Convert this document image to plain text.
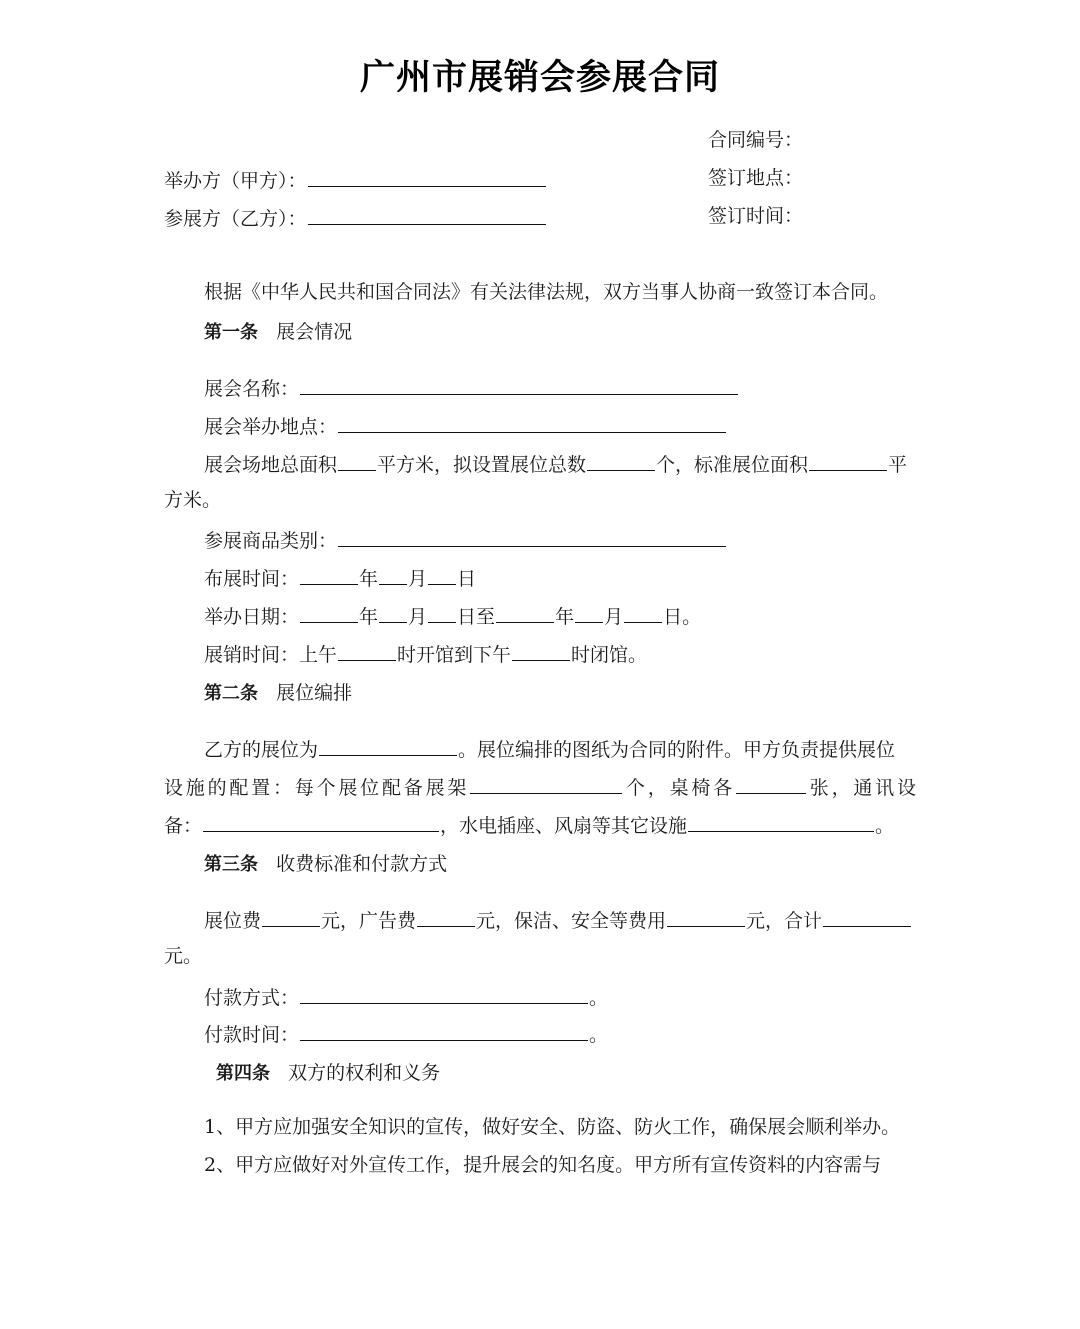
广州市展销会参展合同
合同编号：
举办方（甲方）：	签订地点：
参展方（乙方）：	签订时间：
根据《中华人民共和国合同法》有关法律法规，双方当事人协商一致签订本合同。
第一条 展会情况
展会名称：
展会举办地点：
展会场地总面积 平方米，拟设置展位总数	个，标准展位面积	平
方米。
参展商品类别：
布展时间：	年 月 日
举办日期：	年 月 日至	年 月 日。
展销时间：上午	时开馆到下午	时闭馆。
第二条 展位编排
乙方的展位为	。展位编排的图纸为合同的附件。甲方负责提供展位
设施的配置：每个展位配备展架	个，桌椅各	张，通讯设
备：	，水电插座、风扇等其它设施	。
第三条 收费标准和付款方式
展位费	元，广告费	元，保洁、安全等费用	元，合计
元。
付款方式：	。
付款时间：	。
第四条 双方的权利和义务
1、甲方应加强安全知识的宣传，做好安全、防盗、防火工作，确保展会顺利举办。
2、甲方应做好对外宣传工作，提升展会的知名度。甲方所有宣传资料的内容需与
